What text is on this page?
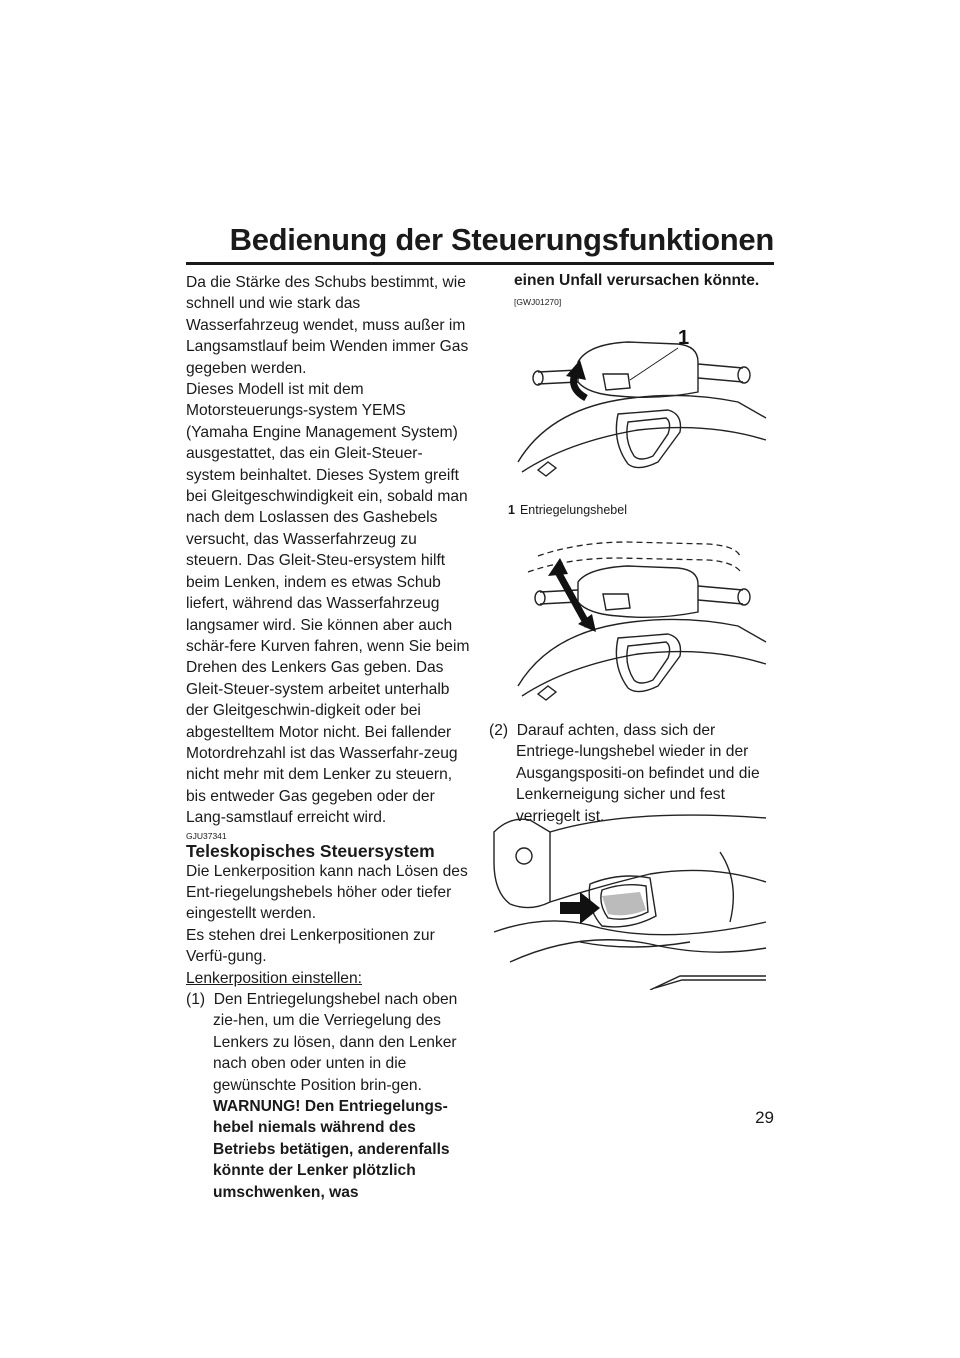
Bedienung der Steuerungsfunktionen

Da die Stärke des Schubs bestimmt, wie schnell und wie stark das Wasserfahrzeug wendet, muss außer im Langsamstlauf beim Wenden immer Gas gegeben werden.

Dieses Modell ist mit dem Motorsteuerungs-system YEMS (Yamaha Engine Management System) ausgestattet, das ein Gleit-Steuer-system beinhaltet. Dieses System greift bei Gleitgeschwindigkeit ein, sobald man nach dem Loslassen des Gashebels versucht, das Wasserfahrzeug zu steuern. Das Gleit-Steu-ersystem hilft beim Lenken, indem es etwas Schub liefert, während das Wasserfahrzeug langsamer wird. Sie können aber auch schär-fere Kurven fahren, wenn Sie beim Drehen des Lenkers Gas geben. Das Gleit-Steuer-system arbeitet unterhalb der Gleitgeschwin-digkeit oder bei abgestelltem Motor nicht. Bei fallender Motordrehzahl ist das Wasserfahr-zeug nicht mehr mit dem Lenker zu steuern, bis entweder Gas gegeben oder der Lang-samstlauf erreicht wird.

GJU37341

Teleskopisches Steuersystem

Die Lenkerposition kann nach Lösen des Ent-riegelungshebels höher oder tiefer eingestellt werden.

Es stehen drei Lenkerpositionen zur Verfü-gung.

Lenkerposition einstellen:

(1) Den Entriegelungshebel nach oben zie-hen, um die Verriegelung des Lenkers zu lösen, dann den Lenker nach oben oder unten in die gewünschte Position brin-gen. WARNUNG! Den Entriegelungs-hebel niemals während des Betriebs betätigen, anderenfalls könnte der Lenker plötzlich umschwenken, was

einen Unfall verursachen könnte.
[GWJ01270]
1
1 Entriegelungshebel
(2) Darauf achten, dass sich der Entriege-lungshebel wieder in der Ausgangspositi-on befindet und die Lenkerneigung sicher und fest verriegelt ist.
29
